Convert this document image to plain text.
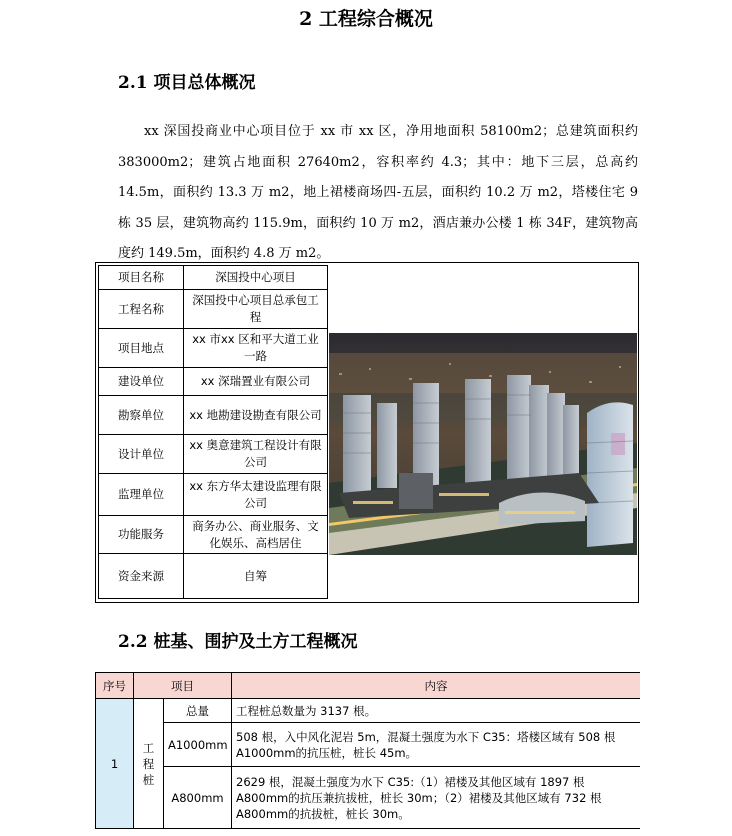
2 工程综合概况
2.1 项目总体概况
xx 深国投商业中心项目位于 xx 市 xx 区，净用地面积 58100m2；总建筑面积约 383000m2；建筑占地面积 27640m2，容积率约 4.3；其中：地下三层，总高约 14.5m，面积约 13.3 万 m2，地上裙楼商场四-五层，面积约 10.2 万 m2，塔楼住宅 9 栋 35 层，建筑物高约 115.9m，面积约 10 万 m2，酒店兼办公楼 1 栋 34F，建筑物高度约 149.5m，面积约 4.8 万 m2。
项目名称	深国投中心项目
工程名称	深国投中心项目总承包工程
项目地点	xx 市xx 区和平大道工业一路
建设单位	xx 深瑞置业有限公司
勘察单位	xx 地勘建设勘查有限公司
设计单位	xx 奥意建筑工程设计有限公司
监理单位	xx 东方华太建设监理有限公司
功能服务	商务办公、商业服务、文化娱乐、高档居住
资金来源	自筹
2.2 桩基、围护及土方工程概况
序号	项目		内容
1	工程桩	总量	工程桩总数量为 3137 根。
		A1000mm	508 根，入中风化泥岩 5m，混凝土强度为水下 C35：塔楼区域有 508 根 A1000mm的抗压桩，桩长 45m。
		A800mm	2629 根，混凝土强度为水下 C35:（1）裙楼及其他区域有 1897 根 A800mm的抗压兼抗拔桩，桩长 30m；（2）裙楼及其他区域有 732 根 A800mm的抗拔桩，桩长 30m。
